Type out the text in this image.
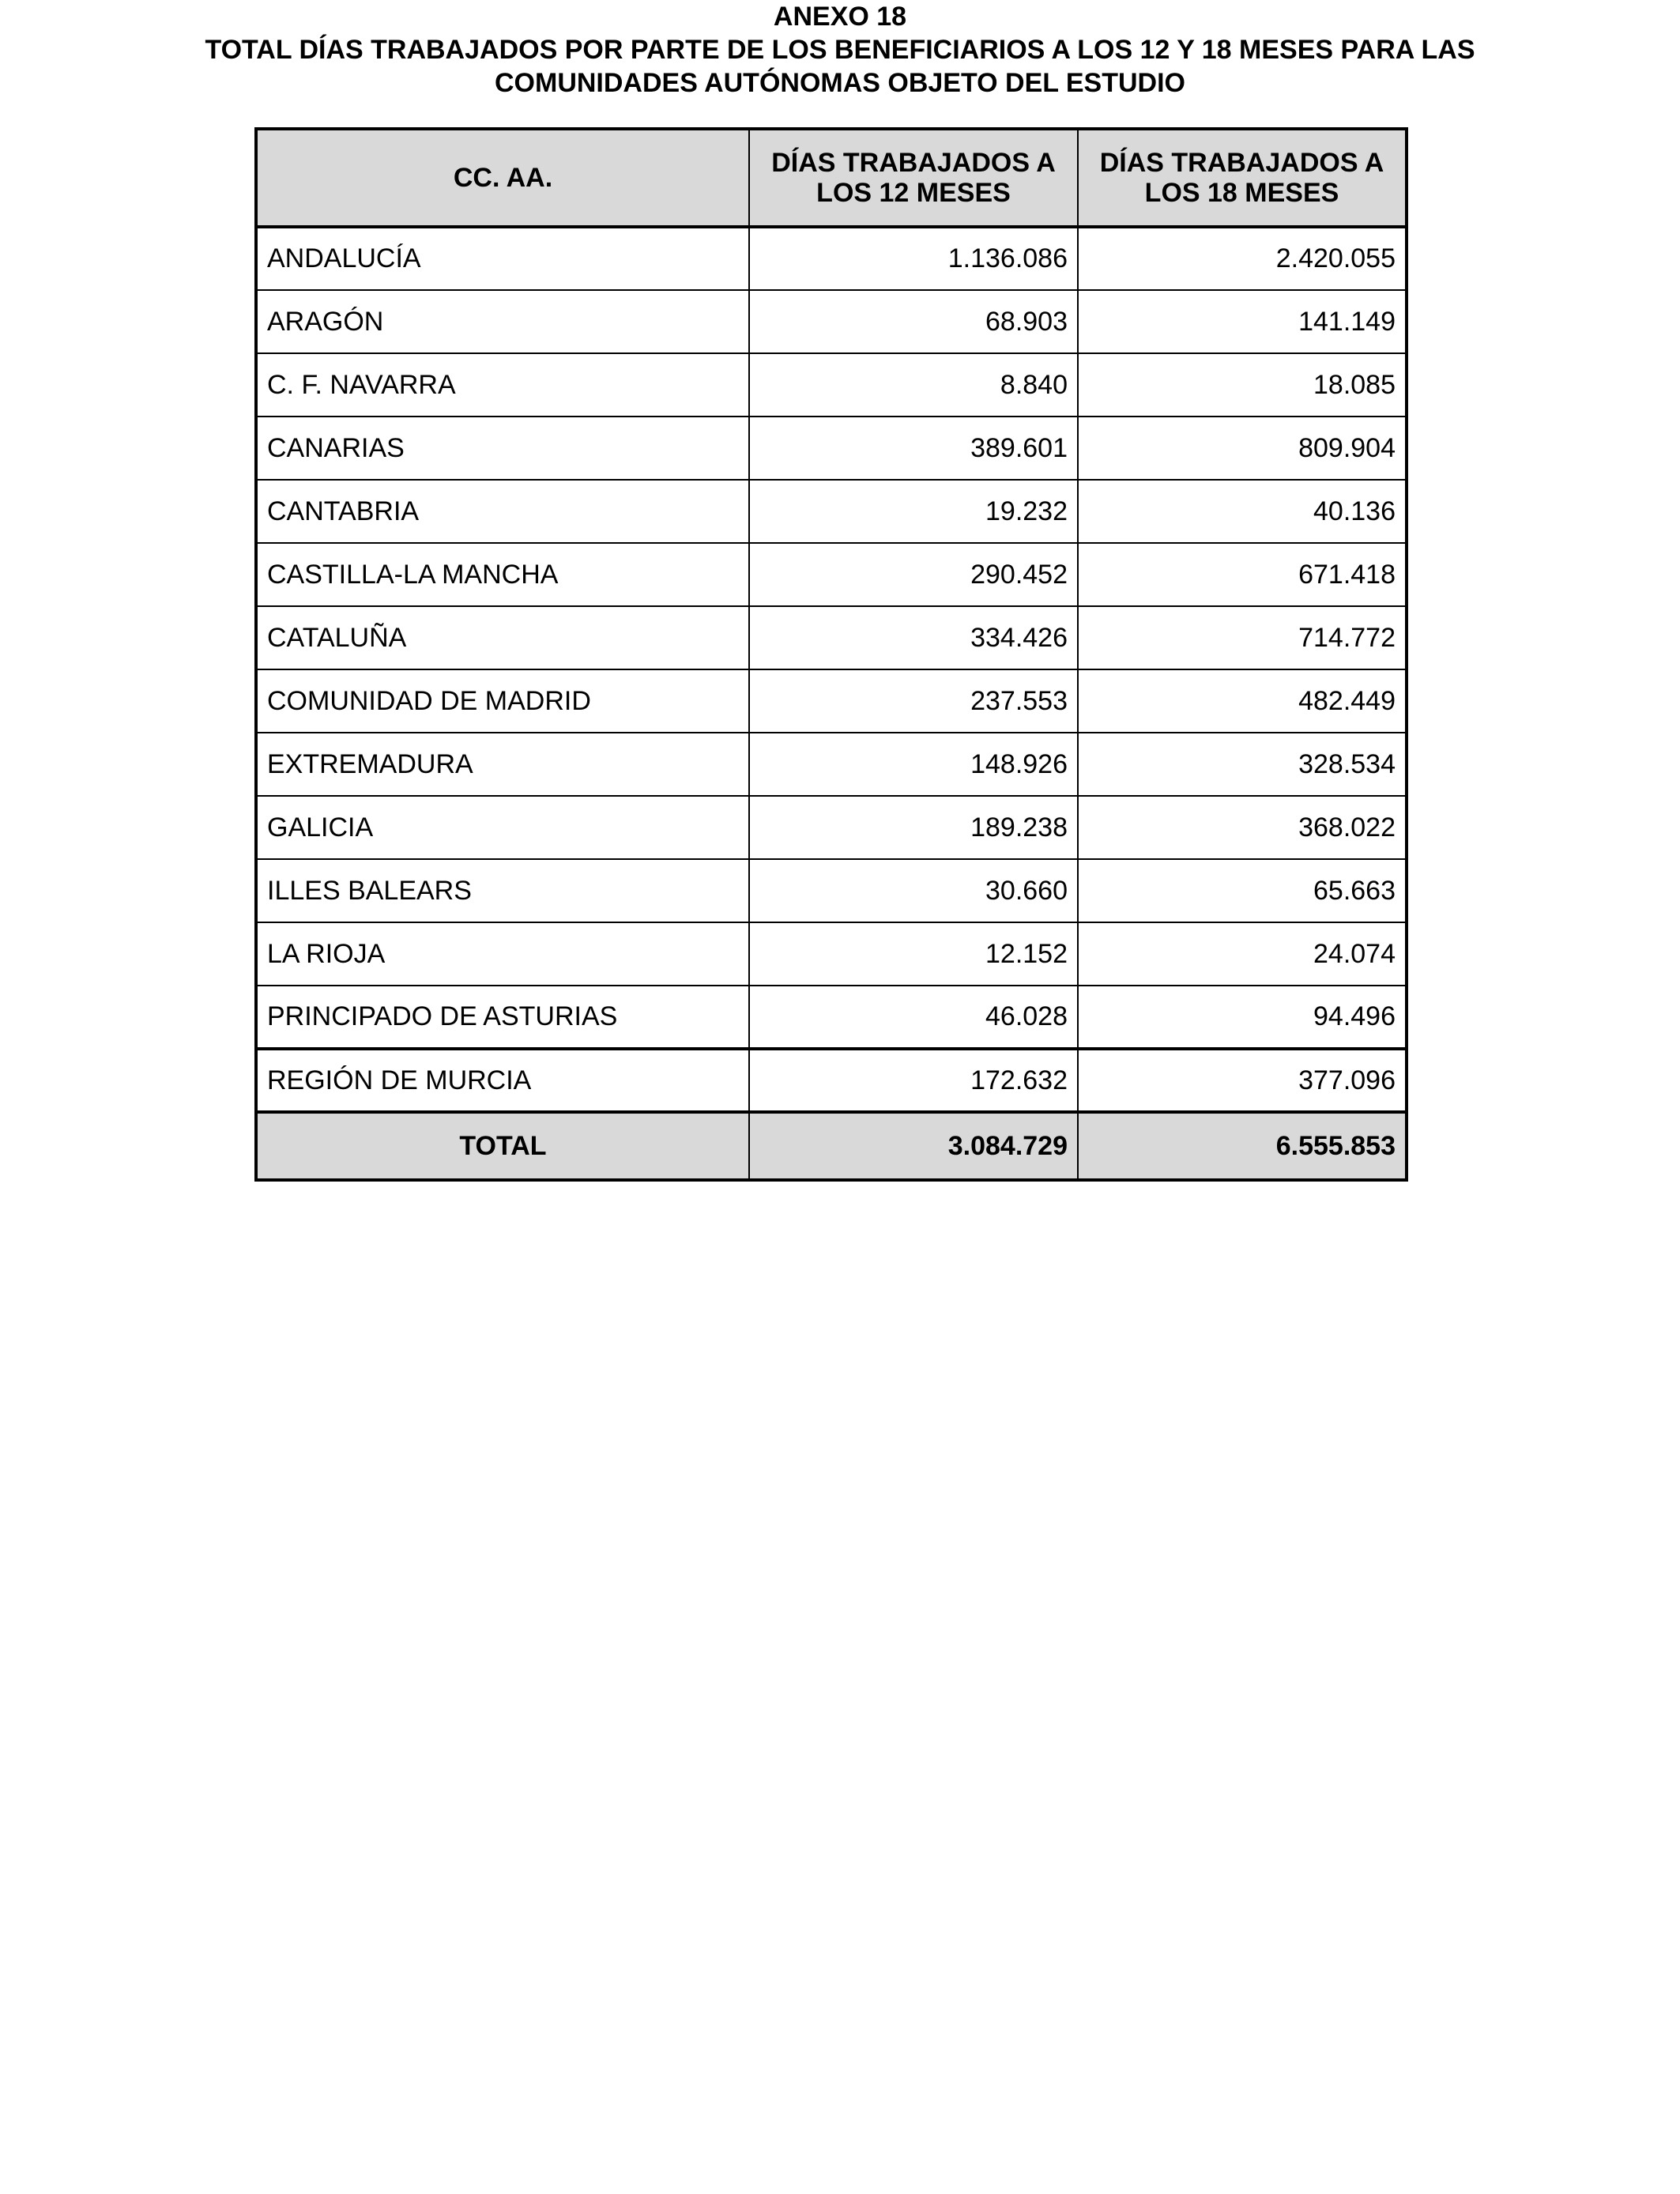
ANEXO 18
TOTAL DÍAS TRABAJADOS POR PARTE DE LOS BENEFICIARIOS A LOS 12 Y 18 MESES PARA LAS
COMUNIDADES AUTÓNOMAS OBJETO DEL ESTUDIO
CC. AA.	DÍAS TRABAJADOS A LOS 12 MESES	DÍAS TRABAJADOS A LOS 18 MESES
ANDALUCÍA	1.136.086	2.420.055
ARAGÓN	68.903	141.149
C. F. NAVARRA	8.840	18.085
CANARIAS	389.601	809.904
CANTABRIA	19.232	40.136
CASTILLA-LA MANCHA	290.452	671.418
CATALUÑA	334.426	714.772
COMUNIDAD DE MADRID	237.553	482.449
EXTREMADURA	148.926	328.534
GALICIA	189.238	368.022
ILLES BALEARS	30.660	65.663
LA RIOJA	12.152	24.074
PRINCIPADO DE ASTURIAS	46.028	94.496
REGIÓN DE MURCIA	172.632	377.096
TOTAL	3.084.729	6.555.853
